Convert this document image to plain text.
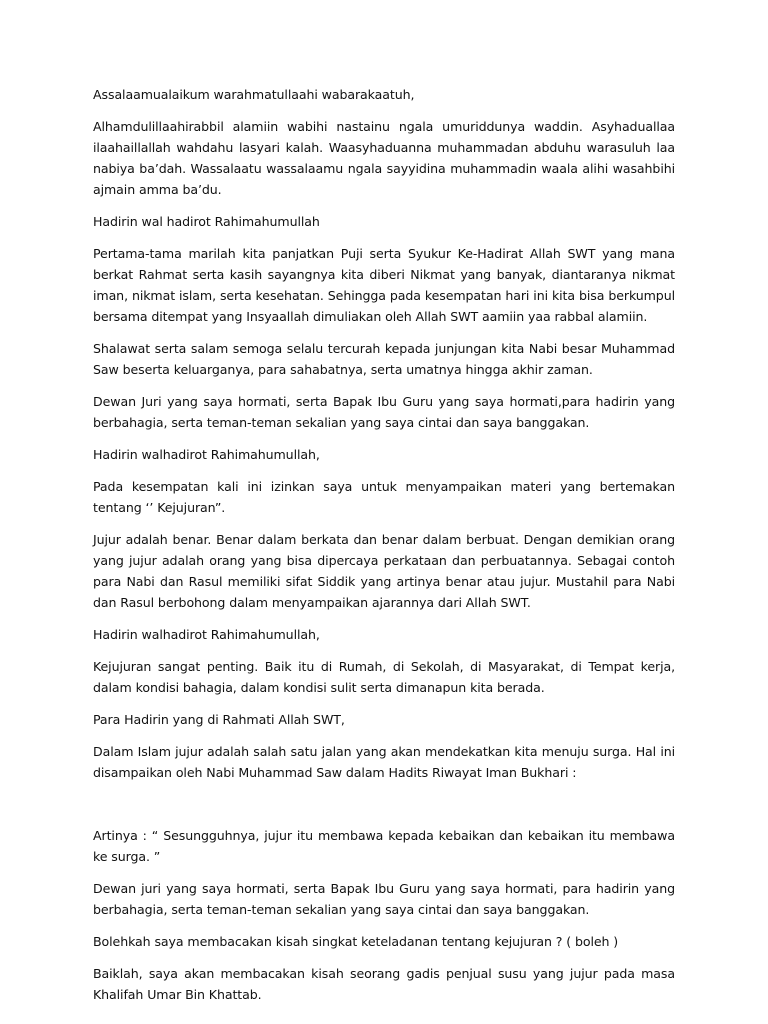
Assalaamualaikum warahmatullaahi wabarakaatuh,

Alhamdulillaahirabbil alamiin wabihi nastainu ngala umuriddunya waddin. Asyhaduallaa ilaahaillallah wahdahu lasyari kalah. Waasyhaduanna muhammadan abduhu warasuluh laa nabiya ba’dah. Wassalaatu wassalaamu ngala sayyidina muhammadin waala alihi wasahbihi ajmain amma ba’du.

Hadirin wal hadirot Rahimahumullah

Pertama-tama marilah kita panjatkan Puji serta Syukur Ke-Hadirat Allah SWT yang mana berkat Rahmat serta kasih sayangnya kita diberi Nikmat yang banyak, diantaranya nikmat iman, nikmat islam, serta kesehatan. Sehingga pada kesempatan hari ini kita bisa berkumpul bersama ditempat yang Insyaallah dimuliakan oleh Allah SWT aamiin yaa rabbal alamiin.

Shalawat serta salam semoga selalu tercurah kepada junjungan kita Nabi besar Muhammad Saw beserta keluarganya, para sahabatnya, serta umatnya hingga akhir zaman.

Dewan Juri yang saya hormati, serta Bapak Ibu Guru yang saya hormati,para hadirin yang berbahagia, serta teman-teman sekalian yang saya cintai dan saya banggakan.

Hadirin walhadirot Rahimahumullah,

Pada kesempatan kali ini izinkan saya untuk menyampaikan materi yang bertemakan tentang ‘’ Kejujuran”.

Jujur adalah benar. Benar dalam berkata dan benar dalam berbuat. Dengan demikian orang yang jujur adalah orang yang bisa dipercaya perkataan dan perbuatannya. Sebagai contoh para Nabi dan Rasul memiliki sifat Siddik yang artinya benar atau jujur. Mustahil para Nabi dan Rasul berbohong dalam menyampaikan ajarannya dari Allah SWT.

Hadirin walhadirot Rahimahumullah,

Kejujuran sangat penting. Baik itu di Rumah, di Sekolah, di Masyarakat, di Tempat kerja, dalam kondisi bahagia, dalam kondisi sulit serta dimanapun kita berada.

Para Hadirin yang di Rahmati Allah SWT,

Dalam Islam jujur adalah salah satu jalan yang akan mendekatkan kita menuju surga. Hal ini disampaikan oleh Nabi Muhammad Saw dalam Hadits Riwayat Iman Bukhari :

Artinya : “ Sesungguhnya, jujur itu membawa kepada kebaikan dan kebaikan itu membawa ke surga. ”

Dewan juri yang saya hormati, serta Bapak Ibu Guru yang saya hormati, para hadirin yang berbahagia, serta teman-teman sekalian yang saya cintai dan saya banggakan.

Bolehkah saya membacakan kisah singkat keteladanan tentang kejujuran ? ( boleh )

Baiklah, saya akan membacakan kisah seorang gadis penjual susu yang jujur pada masa Khalifah Umar Bin Khattab.
